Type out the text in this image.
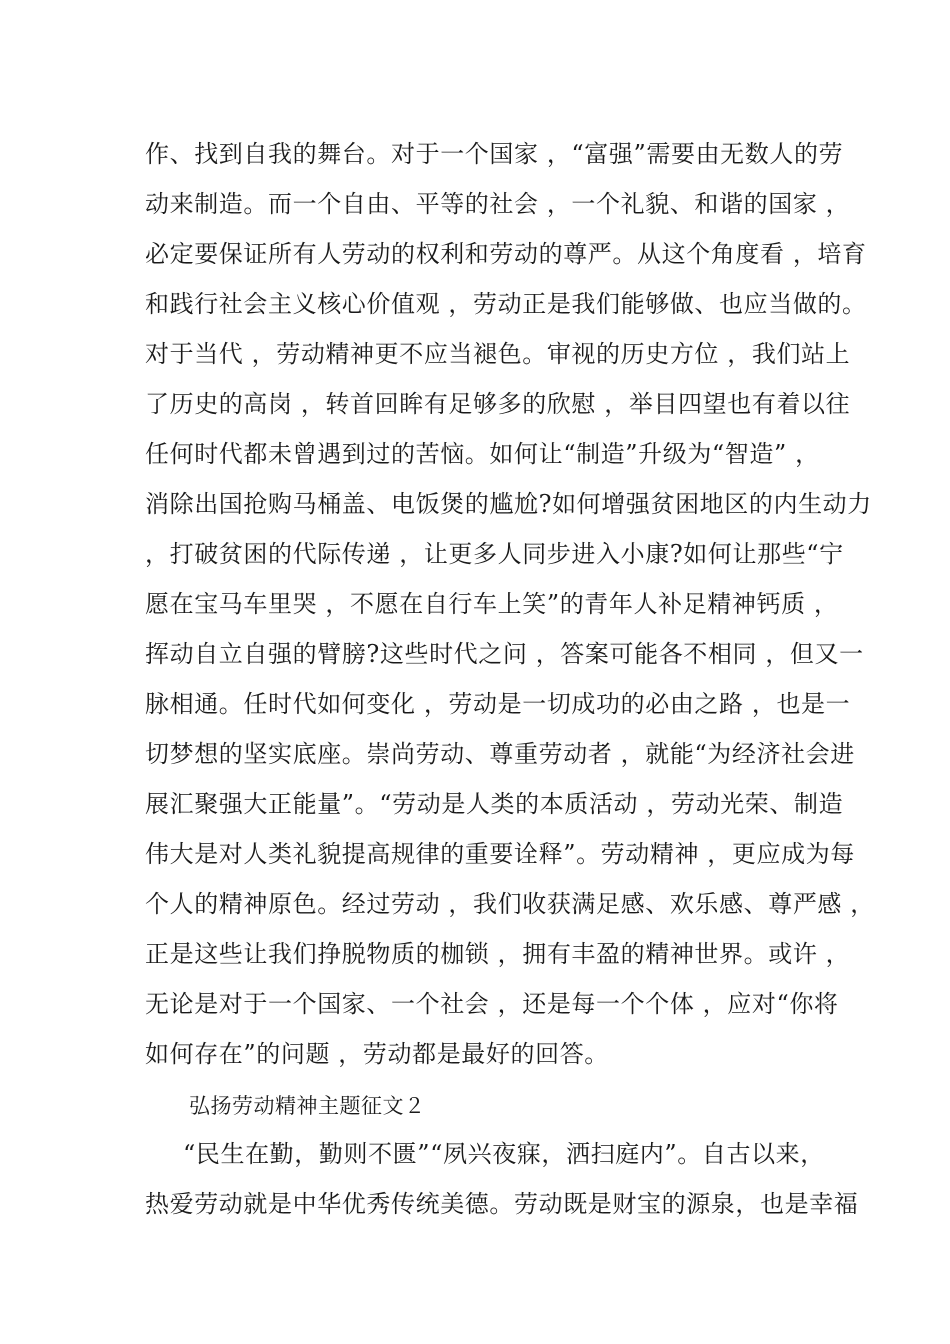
作、找到自我的舞台。对于一个国家 ，“富强”需要由无数人的劳
动来制造。而一个自由、平等的社会 ，一个礼貌、和谐的国家 ，
必定要保证所有人劳动的权利和劳动的尊严。从这个角度看 ，培育
和践行社会主义核心价值观 ，劳动正是我们能够做、也应当做的。
对于当代 ，劳动精神更不应当褪色。审视的历史方位 ，我们站上
了历史的高岗 ，转首回眸有足够多的欣慰 ，举目四望也有着以往
任何时代都未曾遇到过的苦恼。如何让“制造”升级为“智造” ，
消除出国抢购马桶盖、电饭煲的尴尬?如何增强贫困地区的内生动力
，打破贫困的代际传递 ，让更多人同步进入小康?如何让那些“宁
愿在宝马车里哭 ，不愿在自行车上笑”的青年人补足精神钙质 ，
挥动自立自强的臂膀?这些时代之问 ，答案可能各不相同 ，但又一
脉相通。任时代如何变化 ，劳动是一切成功的必由之路 ，也是一
切梦想的坚实底座。崇尚劳动、尊重劳动者 ，就能“为经济社会进
展汇聚强大正能量”。“劳动是人类的本质活动 ，劳动光荣、制造
伟大是对人类礼貌提高规律的重要诠释”。劳动精神 ，更应成为每
个人的精神原色。经过劳动 ，我们收获满足感、欢乐感、尊严感 ，
正是这些让我们挣脱物质的枷锁 ，拥有丰盈的精神世界。或许 ，
无论是对于一个国家、一个社会 ，还是每一个个体 ，应对“你将
如何存在”的问题 ，劳动都是最好的回答。
弘扬劳动精神主题征文２
“民生在勤，勤则不匮”“夙兴夜寐，洒扫庭内”。自古以来，
热爱劳动就是中华优秀传统美德。劳动既是财宝的源泉，也是幸福
